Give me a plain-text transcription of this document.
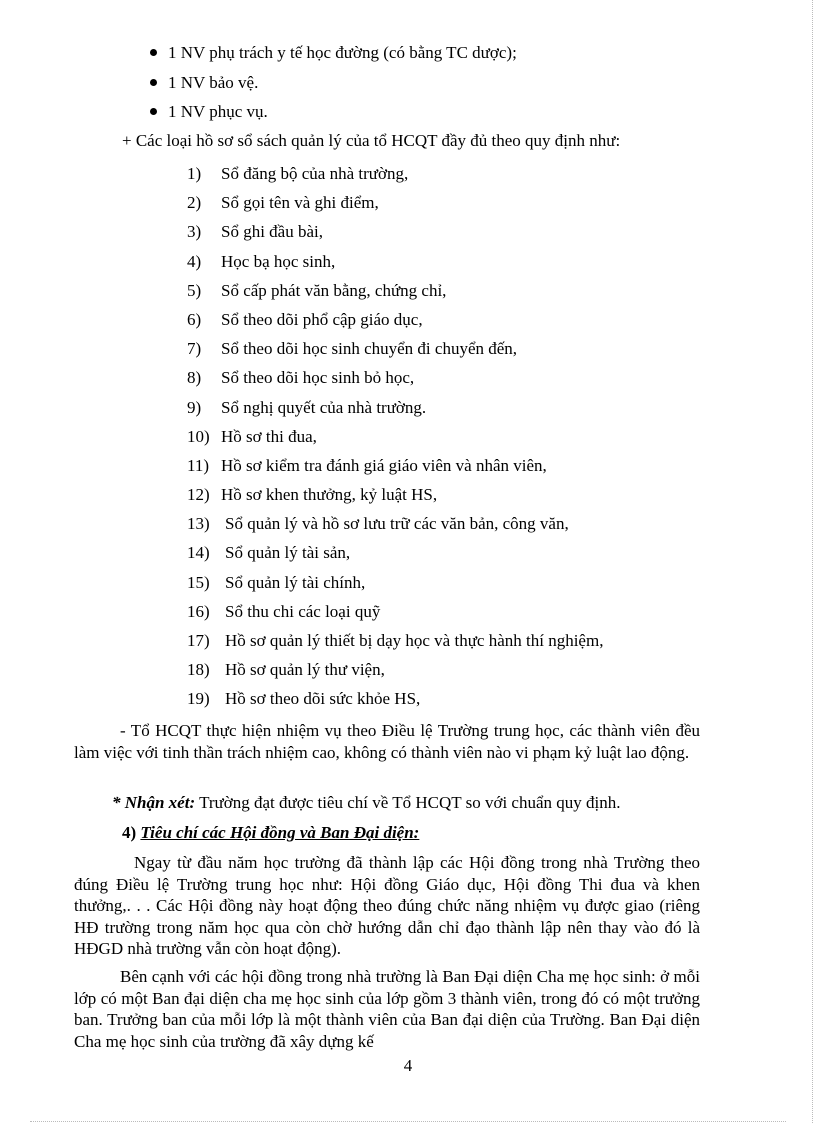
1 NV phụ trách y tế học đường (có bằng TC dược);
1 NV bảo vệ.
1 NV phục vụ.
+ Các loại hồ sơ sổ sách quản lý của tổ HCQT đầy đủ theo quy định như:
1) Sổ đăng bộ của nhà trường,
2) Sổ gọi tên và ghi điểm,
3) Sổ ghi đầu bài,
4) Học bạ học sinh,
5) Sổ cấp phát văn bằng, chứng chỉ,
6) Sổ theo dõi phổ cập giáo dục,
7) Sổ theo dõi học sinh chuyển đi chuyển đến,
8) Sổ theo dõi học sinh bỏ học,
9) Sổ nghị quyết của nhà trường.
10) Hồ sơ thi đua,
11) Hồ sơ kiểm tra đánh giá giáo viên và nhân viên,
12) Hồ sơ khen thưởng, kỷ luật HS,
13) Sổ quản lý và hồ sơ lưu trữ các văn bản, công văn,
14) Sổ quản lý tài sản,
15) Sổ quản lý tài chính,
16) Sổ thu chi các loại quỹ
17) Hồ sơ quản lý thiết bị dạy học và thực hành thí nghiệm,
18) Hồ sơ quản lý thư viện,
19) Hồ sơ theo dõi sức khỏe HS,
- Tổ HCQT thực hiện nhiệm vụ theo Điều lệ Trường trung học, các thành viên đều làm việc với tinh thần trách nhiệm cao, không có thành viên nào vi phạm kỷ luật lao động.
* Nhận xét: Trường đạt được tiêu chí về Tổ HCQT so với chuẩn quy định.
4) Tiêu chí các Hội đồng và Ban Đại diện:
Ngay từ đầu năm học trường đã thành lập các Hội đồng trong nhà Trường theo đúng Điều lệ Trường trung học như: Hội đồng Giáo dục, Hội đồng Thi đua và khen thưởng,. . . Các Hội đồng này hoạt động theo đúng chức năng nhiệm vụ được giao (riêng HĐ trường trong năm học qua còn chờ hướng dẫn chỉ đạo thành lập nên thay vào đó là HĐGD nhà trường vẫn còn hoạt động).
Bên cạnh với các hội đồng trong nhà trường là Ban Đại diện Cha mẹ học sinh: ở mỗi lớp có một Ban đại diện cha mẹ học sinh của lớp gồm 3 thành viên, trong đó có một trưởng ban. Trưởng ban của mỗi lớp là một thành viên của Ban đại diện của Trường. Ban Đại diện Cha mẹ học sinh của trường đã xây dựng kế
4
